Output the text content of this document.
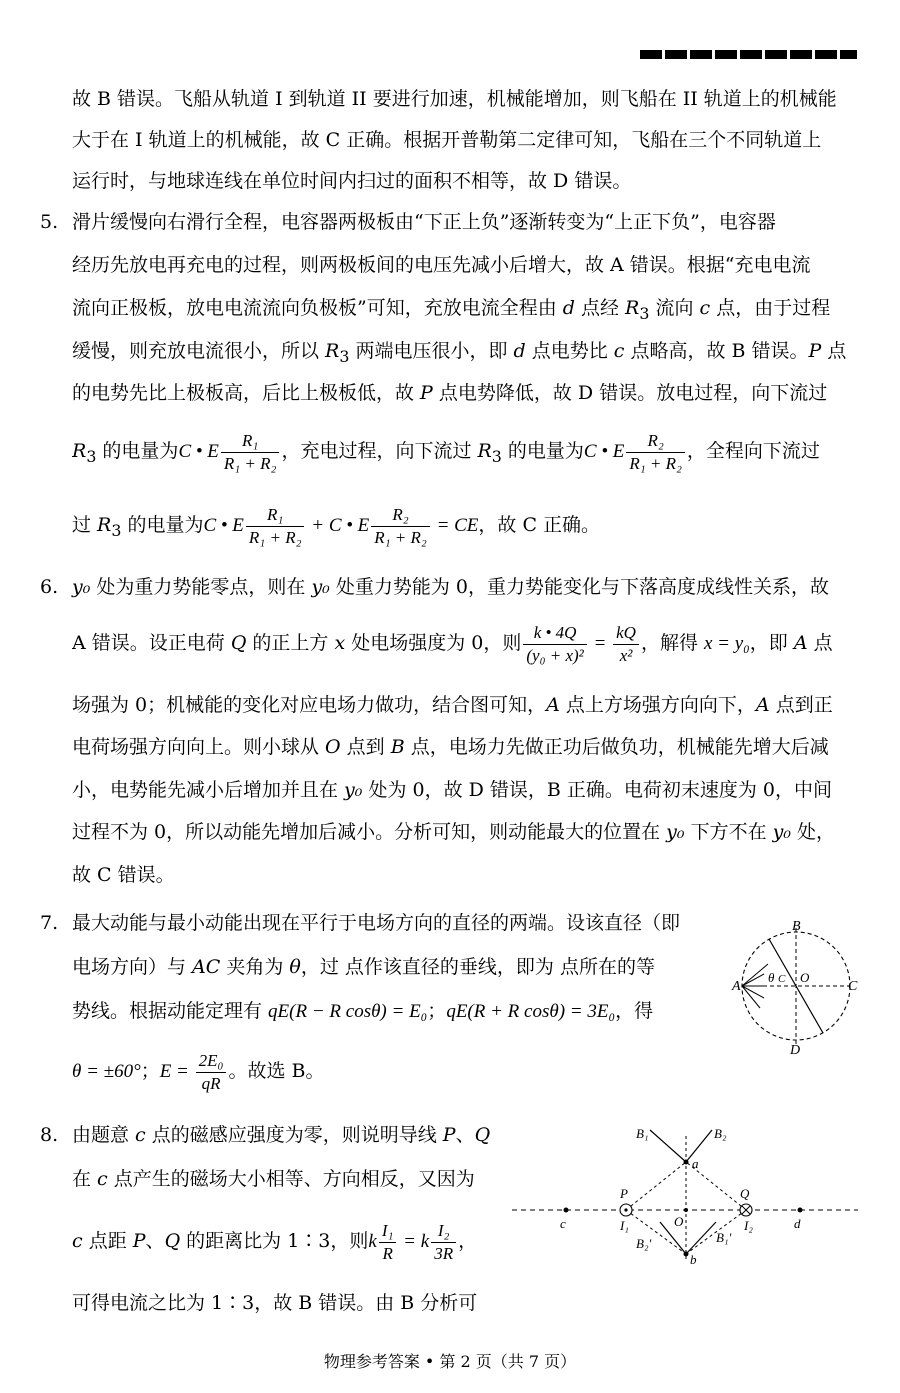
故 B 错误。飞船从轨道 I 到轨道 II 要进行加速，机械能增加，则飞船在 II 轨道上的机械能
大于在 I 轨道上的机械能，故 C 正确。根据开普勒第二定律可知，飞船在三个不同轨道上
运行时，与地球连线在单位时间内扫过的面积不相等，故 D 错误。
5. 滑片缓慢向右滑行全程，电容器两极板由“下正上负”逐渐转变为“上正下负”，电容器
经历先放电再充电的过程，则两极板间的电压先减小后增大，故 A 错误。根据“充电电流
流向正极板，放电电流流向负极板”可知，充放电流全程由 d 点经 $R_3$ 流向 c 点，由于过程
缓慢，则充放电流很小，所以 $R_3$ 两端电压很小，即 d 点电势比 c 点略高，故 B 错误。P 点
的电势先比上极板高，后比上极板低，故 P 点电势降低，故 D 错误。放电过程，向下流过
$R_3$ 的电量为C • E $\frac{\text{R₁}}{\text{R₁ + R₂}}$ ，充电过程，向下流过 $R_3$ 的电量为C • E $\frac{\text{R₂}}{\text{R₁ + R₂}}$ ，全程向下流过
过 $R_3$ 的电量为C • E $\frac{\text{R₁}}{\text{R₁ + R₂}} + C$ • E $\frac{\text{R₂}}{\text{R₁ + R₂}}$ = CE，故 C 正确。
6. y₀ 处为重力势能零点，则在 y₀ 处重力势能为 0，重力势能变化与下落高度成线性关系，故
A 错误。设正电荷 Q 的正上方 x 处电场强度为 0，则 $\frac{k • 4Q}{\text{(y₀ + x)²}} = \frac{kQ}{\text{x²}}$ ，解得 x = y₀，即 A 点
场强为 0；机械能的变化对应电场力做功，结合图可知，A 点上方场强方向向下，A 点到正
电荷场强方向向上。则小球从 O 点到 B 点，电场力先做正功后做负功，机械能先增大后减
小，电势能先减小后增加并且在 y₀ 处为 0，故 D 错误，B 正确。电荷初末速度为 0，中间
过程不为 0，所以动能先增加后减小。分析可知，则动能最大的位置在 y₀ 下方不在 y₀ 处，
故 C 错误。
7. 最大动能与最小动能出现在平行于电场方向的直径的两端。设该直径（即
电场方向）与 AC 夹角为 θ，过 点作该直径的垂线，即为 点所在的等
势线。根据动能定理有 qE(R − R cosθ) = E₀；qE(R + R cosθ) = 3E₀，得
θ = ±60°；$E = \frac{\text{2E₀}}{qR}$ 。故选 B。
A
B
C
D
O
θ C
8. 由题意 c 点的磁感应强度为零，则说明导线 P、Q
在 c 点产生的磁场大小相等、方向相反，又因为
c 点距 P、Q 的距离比为 1∶3，则k $\frac{\text{I₁}}{R} = k \frac{\text{I₂}}{3R}$ ，
可得电流之比为 1∶3，故 B 错误。由 B 分析可
B₁	B₂
a
P	Q
c	d
O
I₁	I₂
B₂′	B₁′
b
物理参考答案 • 第 2 页（共 7 页）
